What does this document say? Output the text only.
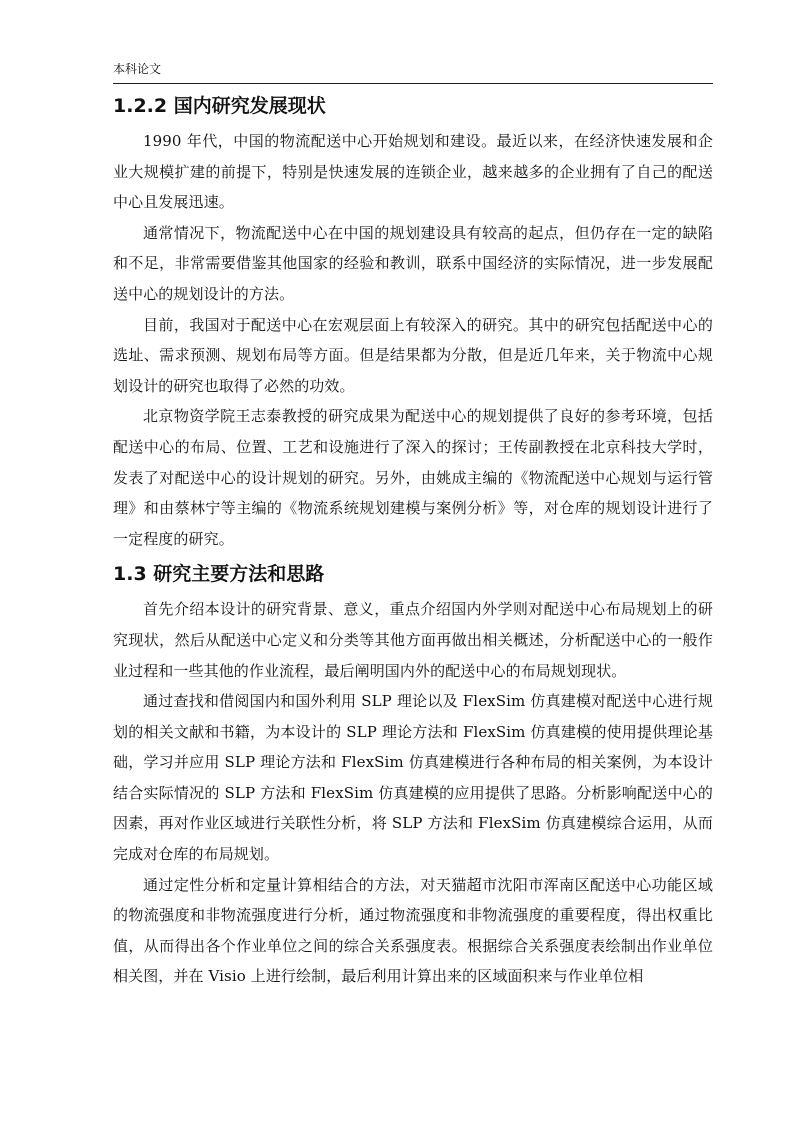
本科论文
1.2.2 国内研究发展现状

1990 年代，中国的物流配送中心开始规划和建设。最近以来，在经济快速发展和企业大规模扩建的前提下，特别是快速发展的连锁企业，越来越多的企业拥有了自己的配送中心且发展迅速。

通常情况下，物流配送中心在中国的规划建设具有较高的起点，但仍存在一定的缺陷和不足，非常需要借鉴其他国家的经验和教训，联系中国经济的实际情况，进一步发展配送中心的规划设计的方法。

目前，我国对于配送中心在宏观层面上有较深入的研究。其中的研究包括配送中心的选址、需求预测、规划布局等方面。但是结果都为分散，但是近几年来，关于物流中心规划设计的研究也取得了必然的功效。

北京物资学院王志泰教授的研究成果为配送中心的规划提供了良好的参考环境，包括配送中心的布局、位置、工艺和设施进行了深入的探讨；王传副教授在北京科技大学时，发表了对配送中心的设计规划的研究。另外，由姚成主编的《物流配送中心规划与运行管理》和由蔡林宁等主编的《物流系统规划建模与案例分析》等，对仓库的规划设计进行了一定程度的研究。

1.3 研究主要方法和思路

首先介绍本设计的研究背景、意义，重点介绍国内外学则对配送中心布局规划上的研究现状，然后从配送中心定义和分类等其他方面再做出相关概述，分析配送中心的一般作业过程和一些其他的作业流程，最后阐明国内外的配送中心的布局规划现状。

通过查找和借阅国内和国外利用 SLP 理论以及 FlexSim 仿真建模对配送中心进行规划的相关文献和书籍，为本设计的 SLP 理论方法和 FlexSim 仿真建模的使用提供理论基础，学习并应用 SLP 理论方法和 FlexSim 仿真建模进行各种布局的相关案例，为本设计结合实际情况的 SLP 方法和 FlexSim 仿真建模的应用提供了思路。分析影响配送中心的因素，再对作业区域进行关联性分析，将 SLP 方法和 FlexSim 仿真建模综合运用，从而完成对仓库的布局规划。

通过定性分析和定量计算相结合的方法，对天猫超市沈阳市浑南区配送中心功能区域的物流强度和非物流强度进行分析，通过物流强度和非物流强度的重要程度，得出权重比值，从而得出各个作业单位之间的综合关系强度表。根据综合关系强度表绘制出作业单位相关图，并在 Visio 上进行绘制，最后利用计算出来的区域面积来与作业单位相
